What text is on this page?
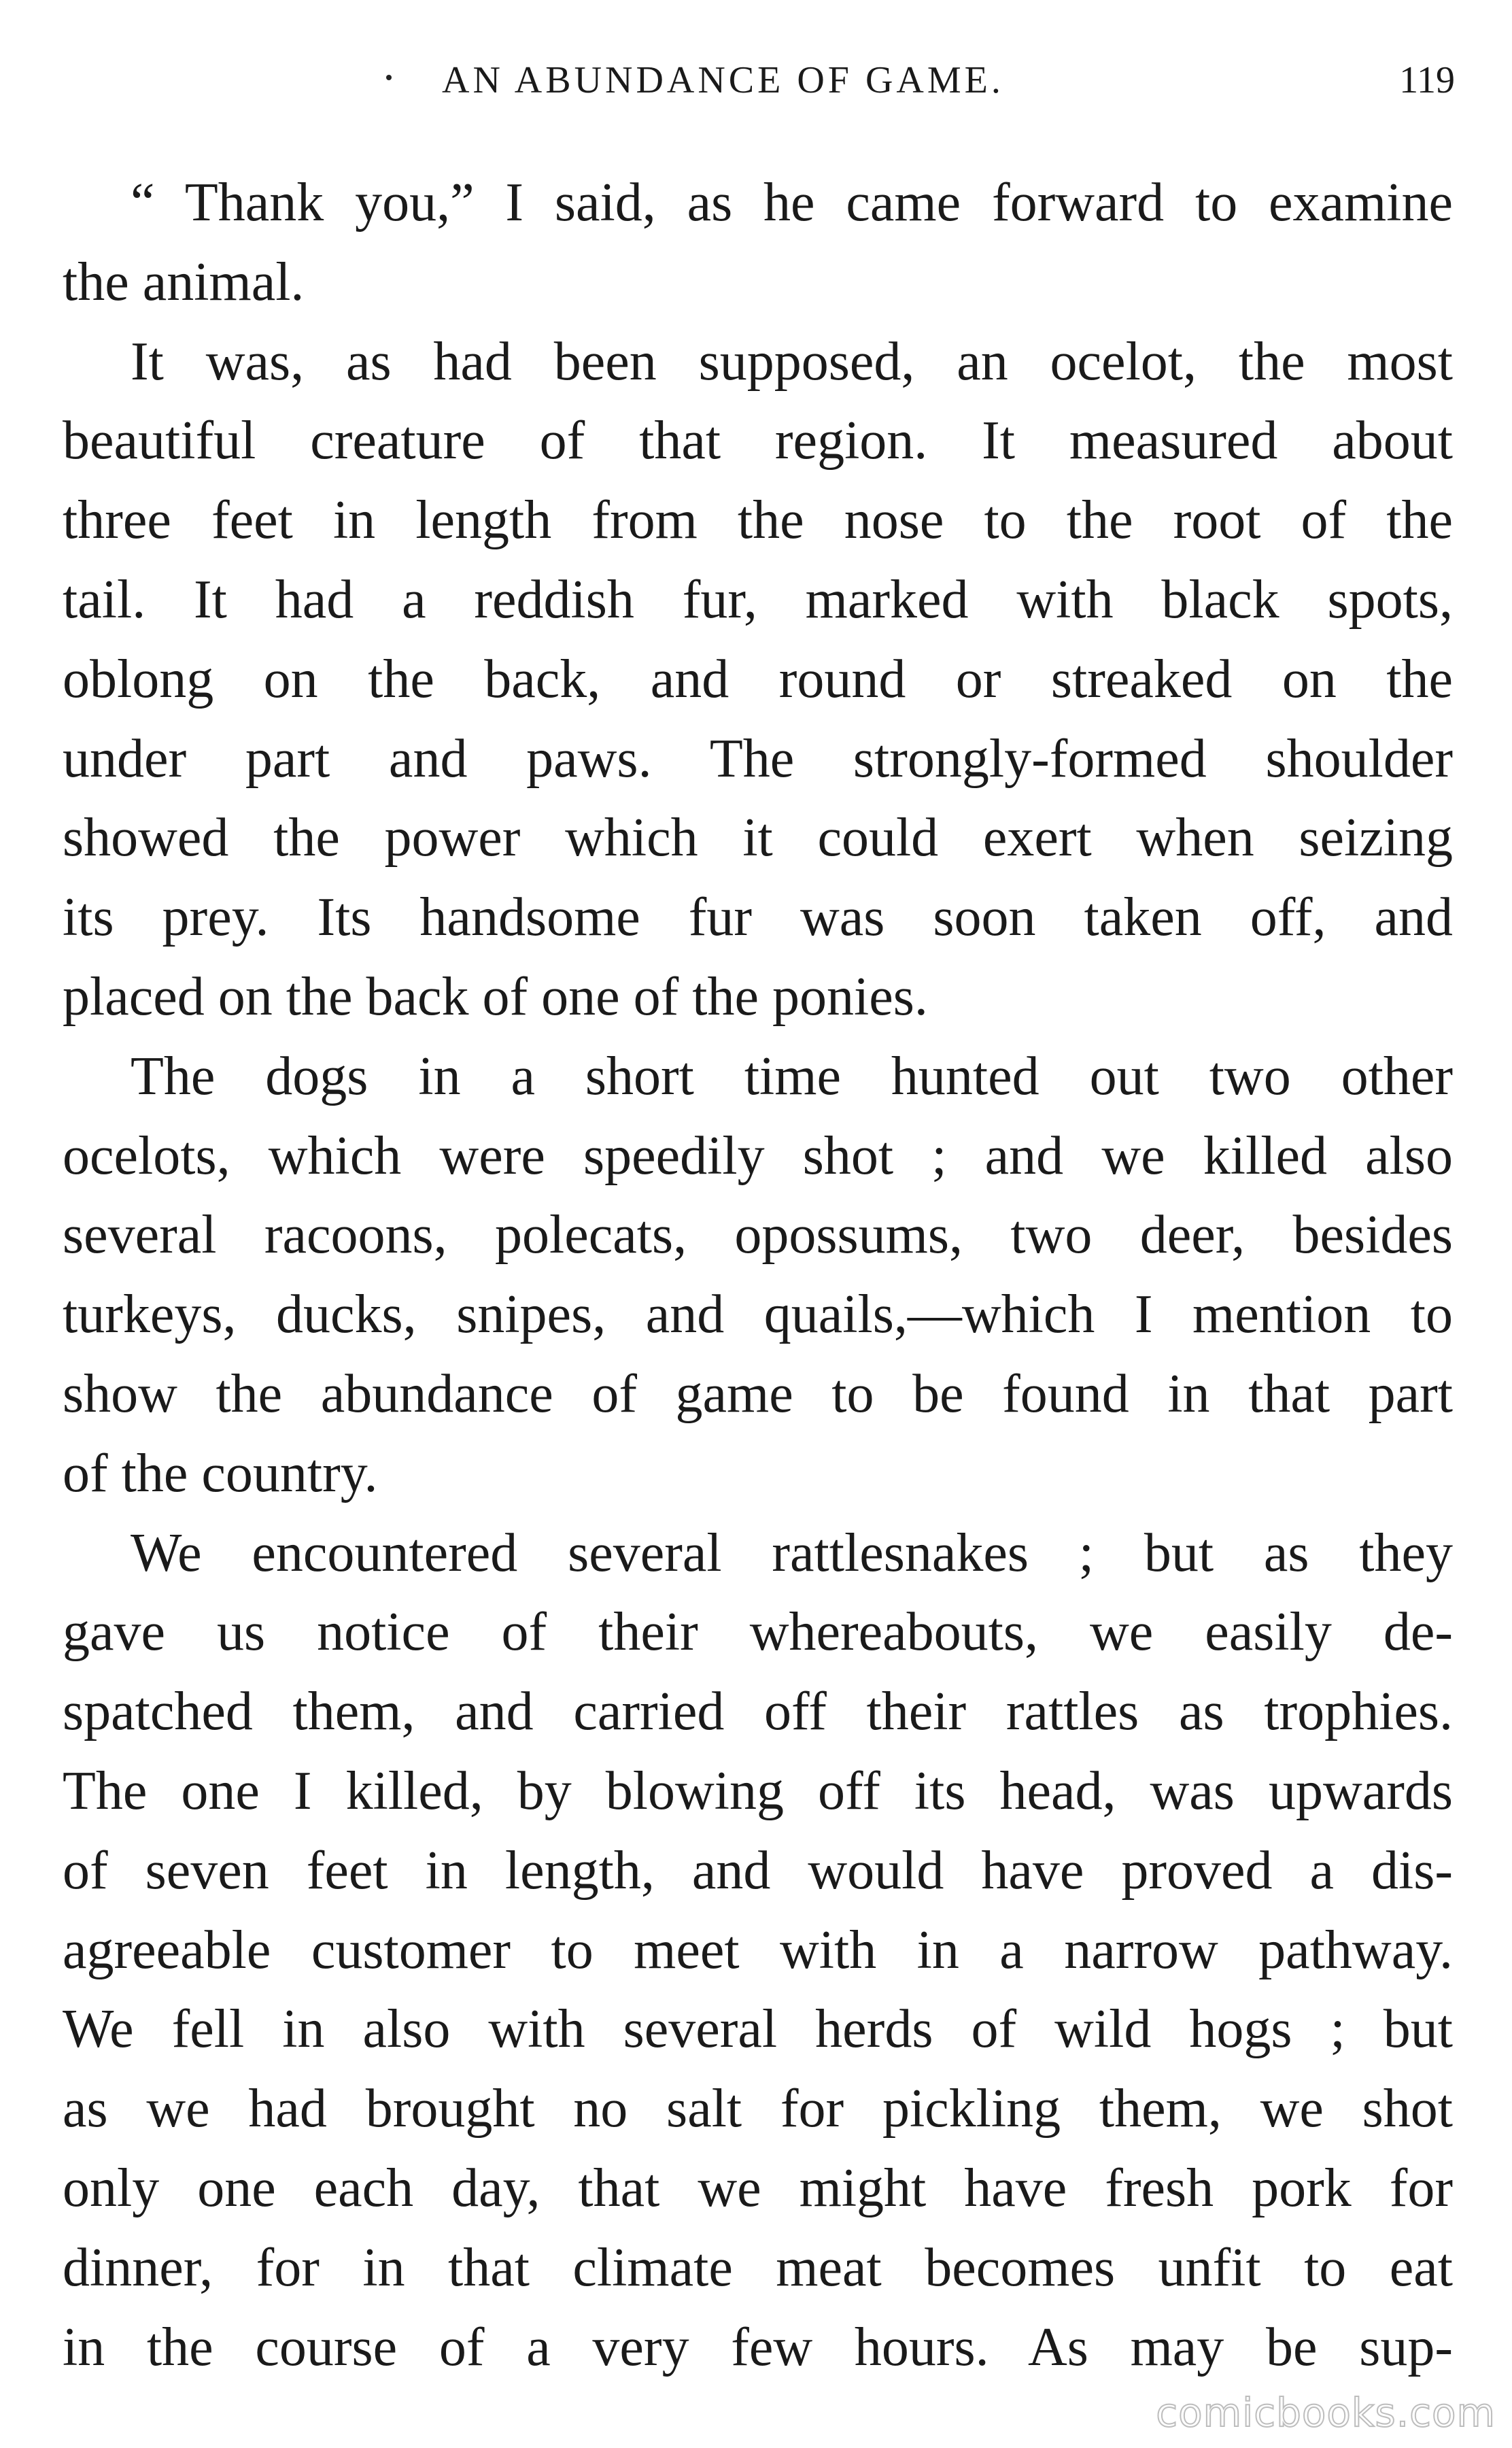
AN ABUNDANCE OF GAME.	119
“ Thank you,” I said, as he came forward to examine
the animal.
It was, as had been supposed, an ocelot, the most
beautiful creature of that region. It measured about
three feet in length from the nose to the root of the
tail. It had a reddish fur, marked with black spots,
oblong on the back, and round or streaked on the
under part and paws. The strongly-formed shoulder
showed the power which it could exert when seizing
its prey. Its handsome fur was soon taken off, and
placed on the back of one of the ponies.
The dogs in a short time hunted out two other
ocelots, which were speedily shot ; and we killed also
several racoons, polecats, opossums, two deer, besides
turkeys, ducks, snipes, and quails,—which I mention to
show the abundance of game to be found in that part
of the country.
We encountered several rattlesnakes ; but as they
gave us notice of their whereabouts, we easily de-
spatched them, and carried off their rattles as trophies.
The one I killed, by blowing off its head, was upwards
of seven feet in length, and would have proved a dis-
agreeable customer to meet with in a narrow pathway.
We fell in also with several herds of wild hogs ; but
as we had brought no salt for pickling them, we shot
only one each day, that we might have fresh pork for
dinner, for in that climate meat becomes unfit to eat
in the course of a very few hours. As may be sup-
comicbooks.com
